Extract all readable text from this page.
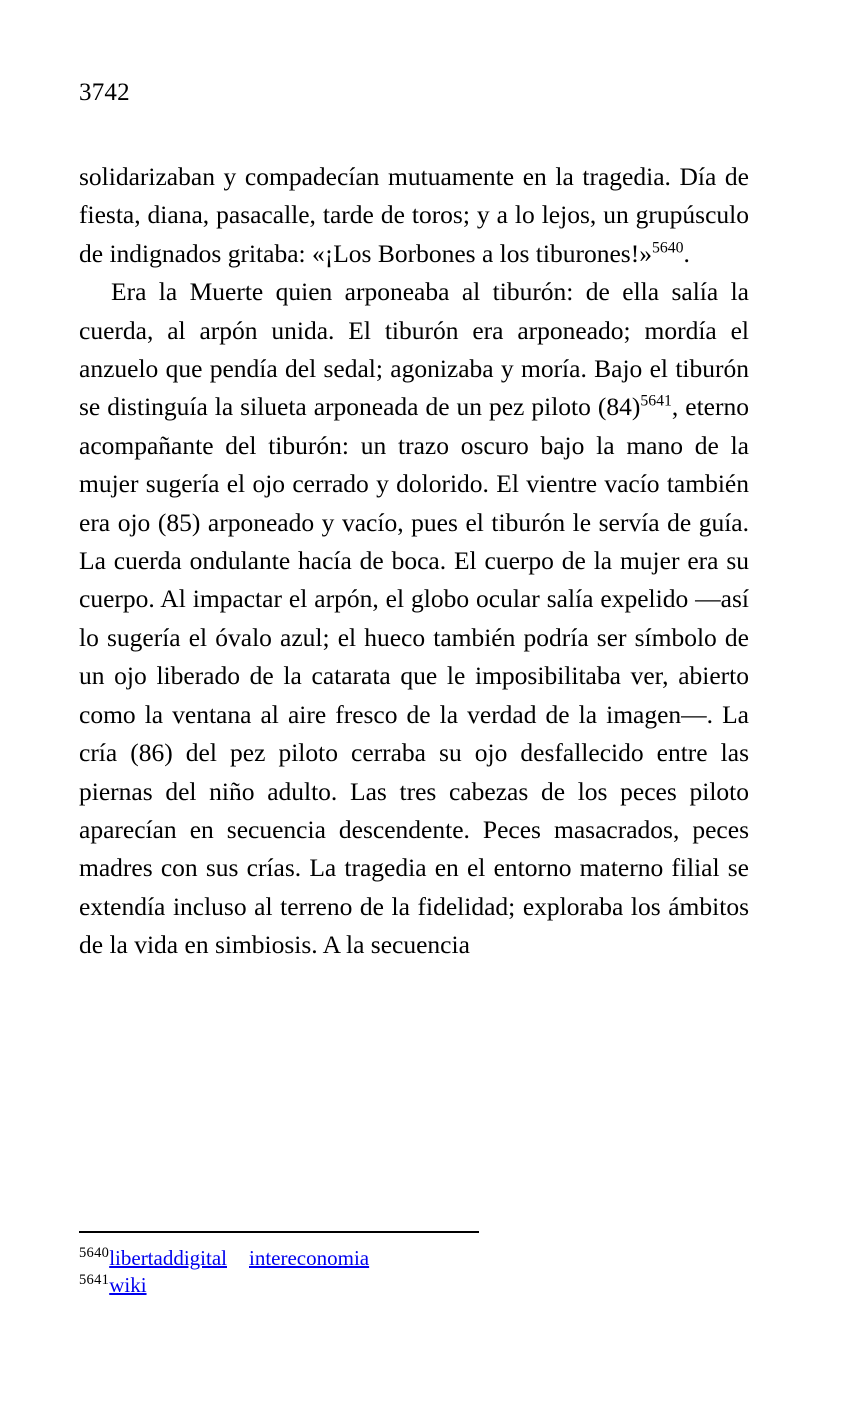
3742

solidarizaban y compadecían mutuamente en la tragedia. Día de fiesta, diana, pasacalle, tarde de toros; y a lo lejos, un grupúsculo de indignados gritaba: «¡Los Borbones a los tiburones!»$^{5640}$.

Era la Muerte quien arponeaba al tiburón: de ella salía la cuerda, al arpón unida. El tiburón era arponeado; mordía el anzuelo que pendía del sedal; agonizaba y moría. Bajo el tiburón se distinguía la silueta arponeada de un pez piloto $(84)^{5641}$, eterno acompañante del tiburón: un trazo oscuro bajo la mano de la mujer sugería el ojo cerrado y dolorido. El vientre vacío también era ojo (85) arponeado y vacío, pues el tiburón le servía de guía. La cuerda ondulante hacía de boca. El cuerpo de la mujer era su cuerpo. Al impactar el arpón, el globo ocular salía expelido —así lo sugería el óvalo azul; el hueco también podría ser símbolo de un ojo liberado de la catarata que le imposibilitaba ver, abierto como la ventana al aire fresco de la verdad de la imagen—. La cría (86) del pez piloto cerraba su ojo desfallecido entre las piernas del niño adulto. Las tres cabezas de los peces piloto aparecían en secuencia descendente. Peces masacrados, peces madres con sus crías. La tragedia en el entorno materno filial se extendía incluso al terreno de la fidelidad; exploraba los ámbitos de la vida en simbiosis. A la secuencia

$^{5640}$libertaddigital intereconomia
$^{5641}$wiki
